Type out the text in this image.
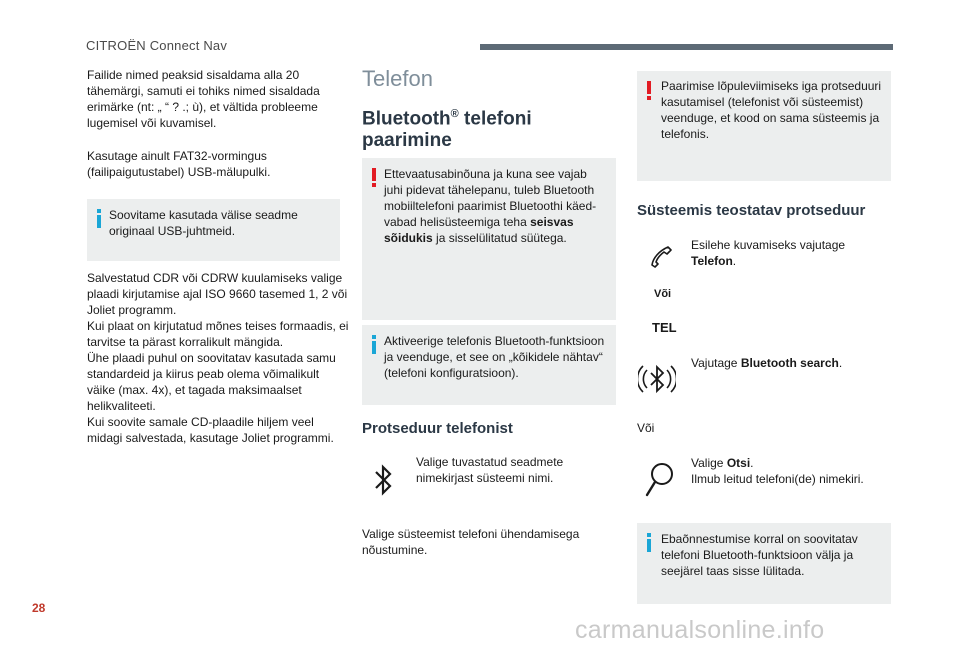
CITROËN Connect Nav
Failide nimed peaksid sisaldama alla 20 tähemärgi, samuti ei tohiks nimed sisaldada erimärke (nt: „ “ ? .; ù), et vältida probleeme lugemisel või kuvamisel.
Kasutage ainult FAT32-vormingus (failipaigutustabel) USB-mälupulki.
Soovitame kasutada välise seadme originaal USB-juhtmeid.
Salvestatud CDR või CDRW kuulamiseks valige plaadi kirjutamise ajal ISO 9660 tasemed 1, 2 või Joliet programm.
Kui plaat on kirjutatud mõnes teises formaadis, ei tarvitse ta pärast korralikult mängida.
Ühe plaadi puhul on soovitatav kasutada samu standardeid ja kiirus peab olema võimalikult väike (max. 4x), et tagada maksimaalset helikvaliteeti.
Kui soovite samale CD-plaadile hiljem veel midagi salvestada, kasutage Joliet programmi.
Telefon
Bluetooth® telefoni
paarimine
Ettevaatusabinõuna ja kuna see vajab juhi pidevat tähelepanu, tuleb Bluetooth mobiiltelefoni paarimist Bluetoothi käed-vabad helisüsteemiga teha seisvas sõidukis ja sisselülitatud süütega.
Aktiveerige telefonis Bluetooth-funktsioon ja veenduge, et see on „kõikidele nähtav“ (telefoni konfiguratsioon).
Protseduur telefonist
Valige tuvastatud seadmete nimekirjast süsteemi nimi.
Valige süsteemist telefoni ühendamisega nõustumine.
Paarimise lõpuleviimiseks iga protseduuri kasutamisel (telefonist või süsteemist) veenduge, et kood on sama süsteemis ja telefonis.
Süsteemis teostatav protseduur
Esilehe kuvamiseks vajutage Telefon.
Või
TEL
Vajutage Bluetooth search.
Või
Valige Otsi.
Ilmub leitud telefoni(de) nimekiri.
Ebaõnnestumise korral on soovitatav telefoni Bluetooth-funktsioon välja ja seejärel taas sisse lülitada.
28
carmanualsonline.info
